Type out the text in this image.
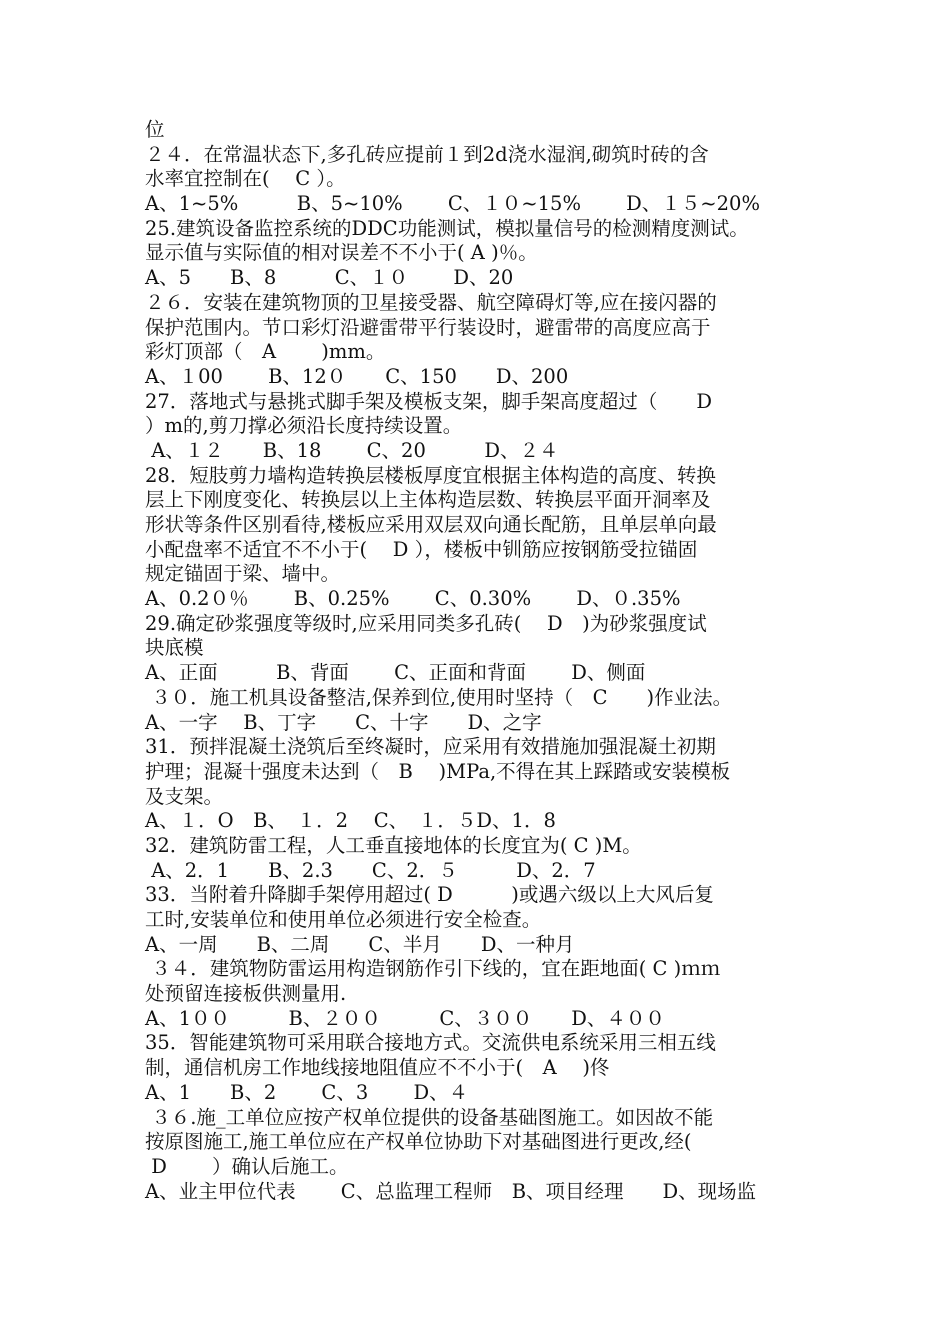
位
２４．在常温状态下,多孔砖应提前１到2d浇水湿润,砌筑时砖的含
水率宜控制在(　 C ）。
A、1~5%　　　B、5~10%　　 C、１０~15%　　 D、１５~20%
25.建筑设备监控系统的DDC功能测试，模拟量信号的检测精度测试。
显示值与实际值的相对误差不不小于( A )％。
A、5　　B、8　　　C、１０　　 D、20
２６．安装在建筑物顶的卫星接受器、航空障碍灯等,应在接闪器的
保护范围内。节口彩灯沿避雷带平行装设时，避雷带的高度应高于
彩灯顶部（　A　　 )mm。
A、１00　　 B、12０　　C、150　　D、200
27．落地式与悬挑式脚手架及模板支架，脚手架高度超过（　　D
）m的,剪刀撑必须沿长度持续设置。
A、１２　　B、18　　 C、20　　　D、２４
28．短肢剪力墙构造转换层楼板厚度宜根据主体构造的高度、转换
层上下刚度变化、转换层以上主体构造层数、转换层平面开洞率及
形状等条件区别看待,楼板应采用双层双向通长配筋，且单层单向最
小配盘率不适宜不不小于(　 D ），楼板中钏筋应按钢筋受拉锚固
规定锚固于梁、墙中。
A、0.2０％　　 B、0.25%　　 C、0.30%　　 D、０.35%
29.确定砂浆强度等级时,应采用同类多孔砖(　 D　)为砂浆强度试
块底模
A、正面　　　B、背面　　 C、正面和背面　　 D、侧面
３０．施工机具设备整洁,保养到位,使用时坚持（　C　　)作业法。
A、一字　 B、丁字　　C、十字　　D、之字
31．预拌混凝土浇筑后至终凝时，应采用有效措施加强混凝土初期
护理；混凝十强度未达到（　B　 )MPa,不得在其上踩踏或安装模板
及支架。
A、１．O　B、　１．2　 C、　１．５D、1．8
32．建筑防雷工程，人工垂直接地体的长度宜为( C )M。
A、2．1　　B、2.3　　C、2．５　　　D、2．7
33．当附着升降脚手架停用超过( D　　　)或遇六级以上大风后复
工时,安装单位和使用单位必须进行安全检查。
A、一周　　B、二周　　C、半月　　D、一种月
３４．建筑物防雷运用构造钢筋作引下线的，宜在距地面( C )ｍｍ
处预留连接板供测量用.
A、1００　　　B、２００　　　C、３００　　D、４００
35．智能建筑物可采用联合接地方式。交流供电系统采用三相五线
制，通信机房工作地线接地阻值应不不小于(　A　 )佟
A、1　　B、2　　 C、3　　 D、４
３６.施_工单位应按产权单位提供的设备基础图施工。如因故不能
按原图施工,施工单位应在产权单位协助下对基础图进行更改,经(
D　　 ）确认后施工。
A、业主甲位代表　　 C、总监理工程师　B、项目经理　　D、现场监
